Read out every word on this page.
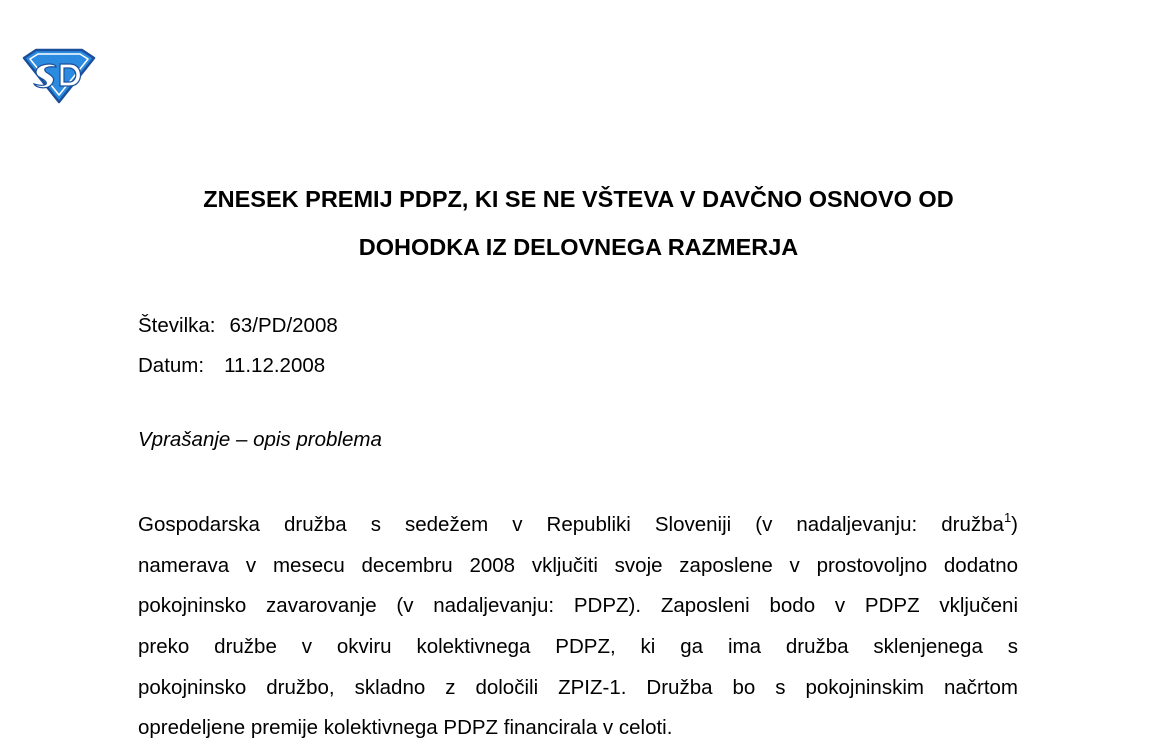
SD
ZNESEK PREMIJ PDPZ, KI SE NE VŠTEVA V DAVČNO OSNOVO OD
DOHODKA IZ DELOVNEGA RAZMERJA
Številka: 63/PD/2008
Datum: 11.12.2008
Vprašanje – opis problema
Gospodarska družba s sedežem v Republiki Sloveniji (v nadaljevanju: družba$^1$)
namerava v mesecu decembru 2008 vključiti svoje zaposlene v prostovoljno dodatno
pokojninsko zavarovanje (v nadaljevanju: PDPZ). Zaposleni bodo v PDPZ vključeni
preko družbe v okviru kolektivnega PDPZ, ki ga ima družba sklenjenega s
pokojninsko družbo, skladno z določili ZPIZ-1. Družba bo s pokojninskim načrtom
opredeljene premije kolektivnega PDPZ financirala v celoti.
